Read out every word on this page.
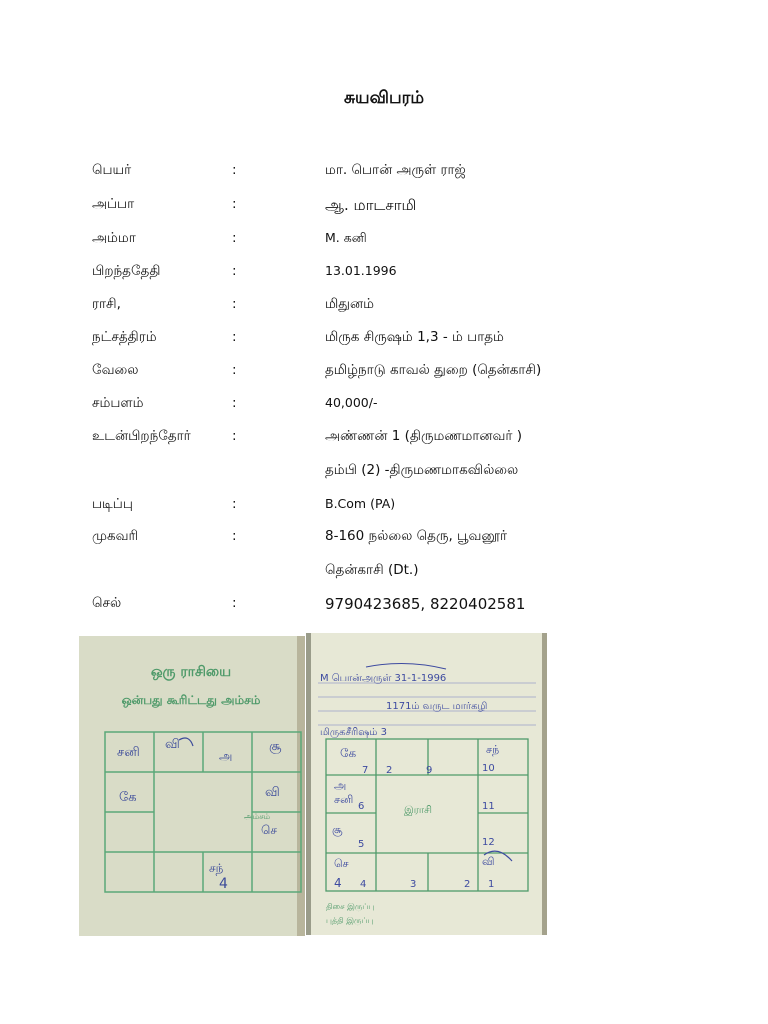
சுயவிபரம்
பெயர்	:	மா. பொன் அருள் ராஜ்
அப்பா	:	ஆ. மாடசாமி
அம்மா	:	M. கனி
பிறந்ததேதி	:	13.01.1996
ராசி,	:	மிதுனம்
நட்சத்திரம்	:	மிருக சிருஷம் 1,3 - ம் பாதம்
வேலை	:	தமிழ்நாடு காவல் துறை (தென்காசி)
சம்பளம்	:	40,000/-
உடன்பிறந்தோர்	:	அண்ணன் 1 (திருமணமானவர் )
தம்பி (2) -திருமணமாகவில்லை
படிப்பு	:	B.Com (PA)
முகவரி	:	8-160 நல்லை தெரு, பூவனூர்
தென்காசி (Dt.)
செல்	:	9790423685, 8220402581
ஒரு ராசியை
ஒன்பது கூரிட்டது அம்சம்
அம்சம்
சனி
வி
அ
சூ
கே	வி
செ
சந்
4
M பொன்அருள் 31-1-1996
1171ம் வருட மார்கழி
மிருகசீரிஷம் 3
இராசி
கே	சந்
அ
சனி
சூ
செ	வி
7 2	9	10
6	11
5	12
4 4	3	2 1
திசை இருப்பு
புத்தி இருப்பு
